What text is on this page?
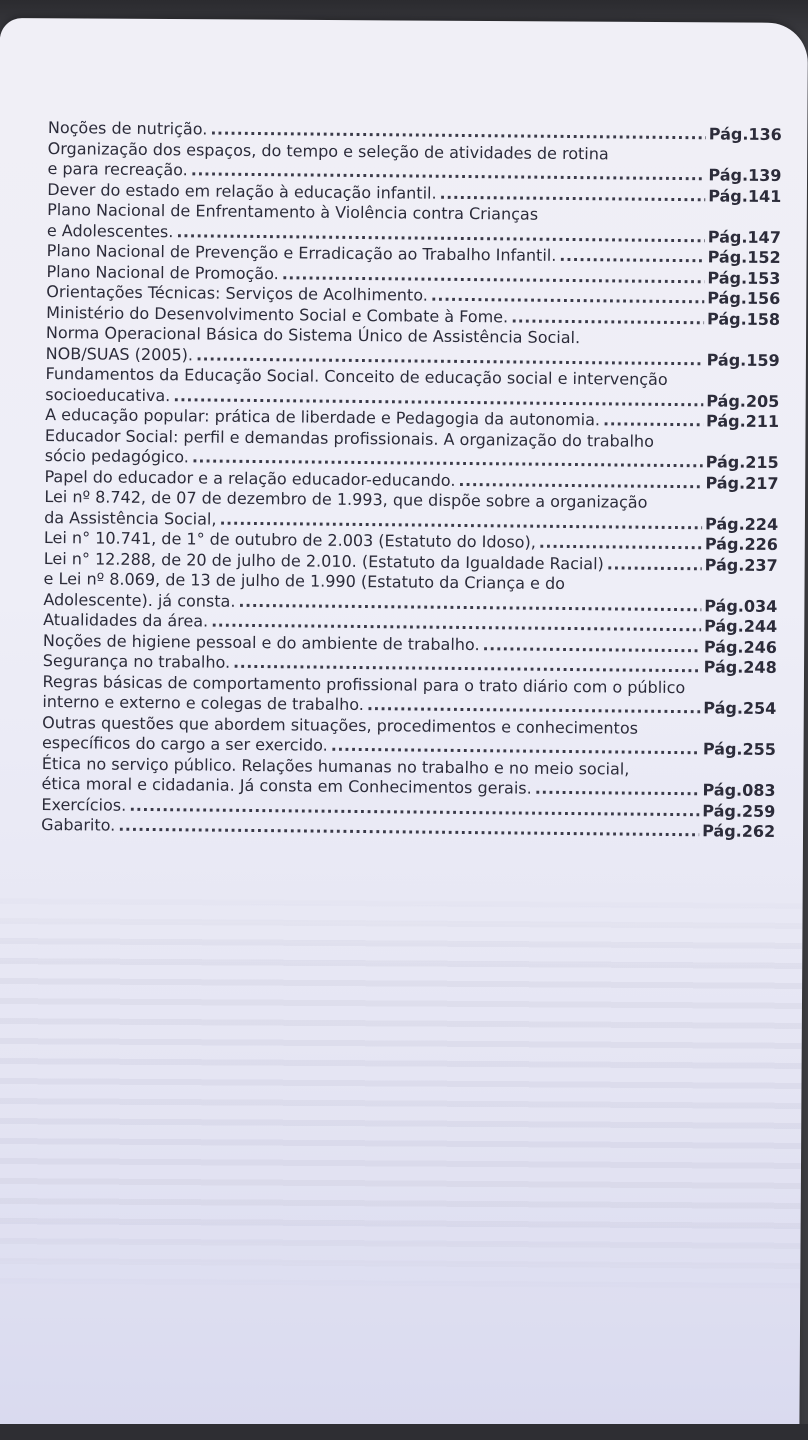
Noções de nutrição. .....	Pág.136
Organização dos espaços, do tempo e seleção de atividades de rotina
e para recreação. .....	Pág.139
Dever do estado em relação à educação infantil. .....	Pág.141
Plano Nacional de Enfrentamento à Violência contra Crianças
e Adolescentes. .....	Pág.147
Plano Nacional de Prevenção e Erradicação ao Trabalho Infantil. .....	Pág.152
Plano Nacional de Promoção. .....	Pág.153
Orientações Técnicas: Serviços de Acolhimento. .....	Pág.156
Ministério do Desenvolvimento Social e Combate à Fome. .....	Pág.158
Norma Operacional Básica do Sistema Único de Assistência Social.
NOB/SUAS (2005). .....	Pág.159
Fundamentos da Educação Social. Conceito de educação social e intervenção
socioeducativa. .....	Pág.205
A educação popular: prática de liberdade e Pedagogia da autonomia. .....	Pág.211
Educador Social: perfil e demandas profissionais. A organização do trabalho
sócio pedagógico. .....	Pág.215
Papel do educador e a relação educador-educando. .....	Pág.217
Lei nº 8.742, de 07 de dezembro de 1.993, que dispõe sobre a organização
da Assistência Social, .....	Pág.224
Lei n° 10.741, de 1° de outubro de 2.003 (Estatuto do Idoso), .....	Pág.226
Lei n° 12.288, de 20 de julho de 2.010. (Estatuto da Igualdade Racial) .....	Pág.237
e Lei nº 8.069, de 13 de julho de 1.990 (Estatuto da Criança e do
Adolescente). já consta. .....	Pág.034
Atualidades da área. .....	Pág.244
Noções de higiene pessoal e do ambiente de trabalho. .....	Pág.246
Segurança no trabalho. .....	Pág.248
Regras básicas de comportamento profissional para o trato diário com o público
interno e externo e colegas de trabalho. .....	Pág.254
Outras questões que abordem situações, procedimentos e conhecimentos
específicos do cargo a ser exercido. .....	Pág.255
Ética no serviço público. Relações humanas no trabalho e no meio social,
ética moral e cidadania. Já consta em Conhecimentos gerais. .....	Pág.083
Exercícios. .....	Pág.259
Gabarito. .....	Pág.262
